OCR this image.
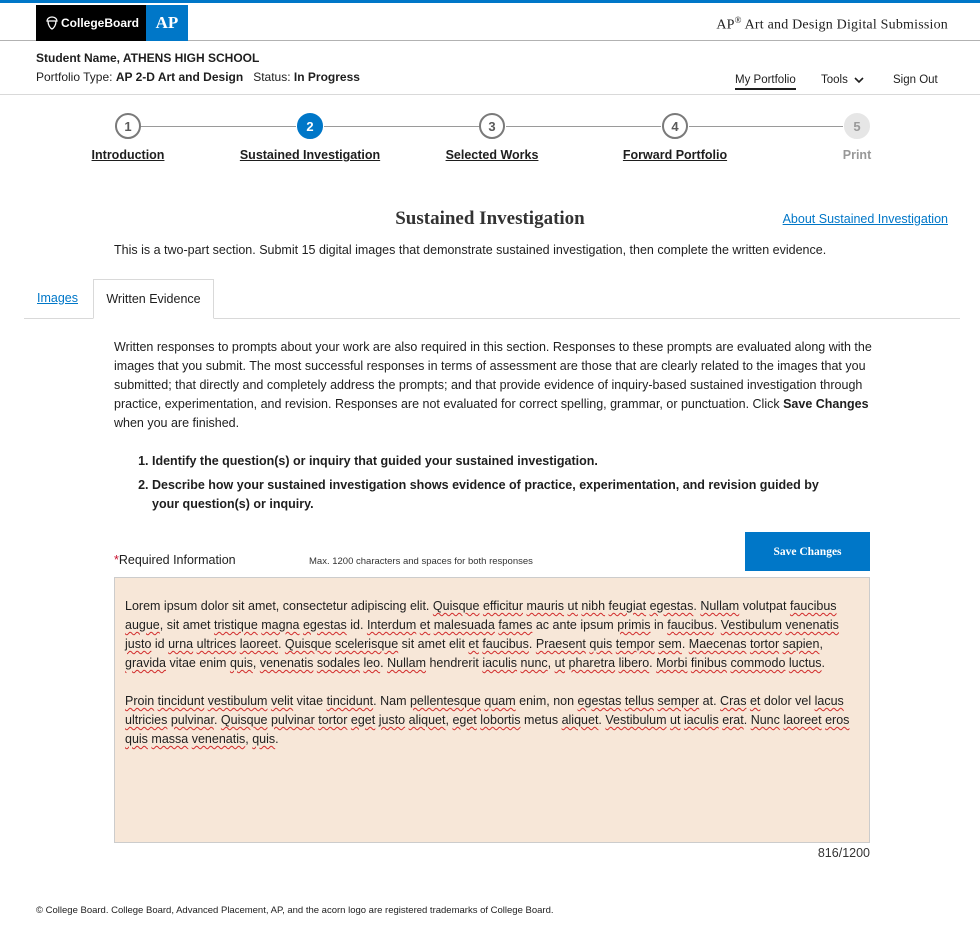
CollegeBoard AP	AP® Art and Design Digital Submission
Student Name, ATHENS HIGH SCHOOL
Portfolio Type: AP 2-D Art and Design Status: In Progress	My Portfolio Tools	Sign Out
1	2	3	4	5
Introduction	Sustained Investigation	Selected Works	Forward Portfolio	Print
Sustained Investigation	About Sustained Investigation
This is a two-part section. Submit 15 digital images that demonstrate sustained investigation, then complete the written evidence.
Images	Written Evidence
Written responses to prompts about your work are also required in this section. Responses to these prompts are evaluated along with the images that you submit. The most successful responses in terms of assessment are those that are clearly related to the images that you submitted; that directly and completely address the prompts; and that provide evidence of inquiry-based sustained investigation through practice, experimentation, and revision. Responses are not evaluated for correct spelling, grammar, or punctuation. Click Save Changes when you are finished.
1. Identify the question(s) or inquiry that guided your sustained investigation.
2. Describe how your sustained investigation shows evidence of practice, experimentation, and revision guided by your question(s) or inquiry.
*Required Information	Max. 1200 characters and spaces for both responses
Save Changes

Lorem ipsum dolor sit amet, consectetur adipiscing elit. Quisque efficitur mauris ut nibh feugiat egestas. Nullam volutpat faucibus augue, sit amet tristique magna egestas id. Interdum et malesuada fames ac ante ipsum primis in faucibus. Vestibulum venenatis justo id urna ultrices laoreet. Quisque scelerisque sit amet elit et faucibus. Praesent quis tempor sem. Maecenas tortor sapien, gravida vitae enim quis, venenatis sodales leo. Nullam hendrerit iaculis nunc, ut pharetra libero. Morbi finibus commodo luctus.

Proin tincidunt vestibulum velit vitae tincidunt. Nam pellentesque quam enim, non egestas tellus semper at. Cras et dolor vel lacus ultricies pulvinar. Quisque pulvinar tortor eget justo aliquet, eget lobortis metus aliquet. Vestibulum ut iaculis erat. Nunc laoreet eros quis massa venenatis, quis.

816/1200
© College Board. College Board, Advanced Placement, AP, and the acorn logo are registered trademarks of College Board.
